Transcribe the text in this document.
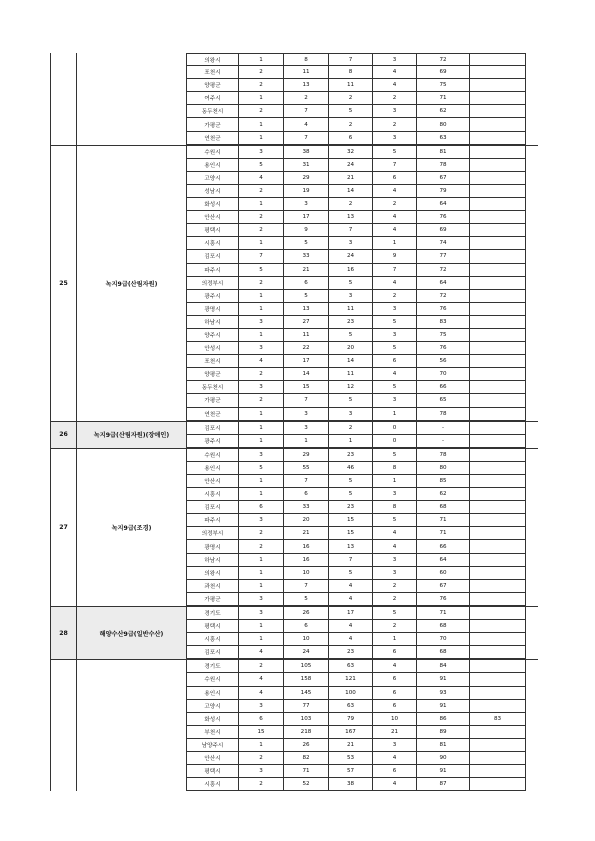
의왕시	1	8	7	3	72
포천시	2	11	8	4	69
양평군	2	13	11	4	75
여주시	1	2	2	2	71
동두천시	2	7	5	3	62
가평군	1	4	2	2	80
연천군	1	7	6	3	63
25	녹지9급(산림자원)
수원시	3	38	32	5	81
용인시	5	31	24	7	78
고양시	4	29	21	6	67
성남시	2	19	14	4	79
화성시	1	3	2	2	64
안산시	2	17	13	4	76
평택시	2	9	7	4	69
시흥시	1	5	3	1	74
김포시	7	33	24	9	77
파주시	5	21	16	7	72
의정부시	2	6	5	4	64
광주시	1	5	3	2	72
광명시	1	13	11	3	76
하남시	3	27	23	5	83
양주시	1	11	5	3	75
안성시	3	22	20	5	76
포천시	4	17	14	6	56
양평군	2	14	11	4	70
동두천시	3	15	12	5	66
가평군	2	7	5	3	65
연천군	1	3	3	1	78
26	녹지9급(산림자원)(장애인)
김포시	1	3	2	0	-
광주시	1	1	1	0	-
27	녹지9급(조경)
수원시	3	29	23	5	78
용인시	5	55	46	8	80
안산시	1	7	5	1	85
시흥시	1	6	5	3	62
김포시	6	33	23	8	68
파주시	3	20	15	5	71
의정부시	2	21	15	4	71
광명시	2	16	13	4	66
하남시	1	16	7	3	64
의왕시	1	10	5	3	60
과천시	1	7	4	2	67
가평군	3	5	4	2	76
28	해양수산9급(일반수산)
경기도	3	26	17	5	71
평택시	1	6	4	2	68
시흥시	1	10	4	1	70
김포시	4	24	23	6	68
경기도	2	105	63	4	84
수원시	4	158	121	6	91
용인시	4	145	100	6	93
고양시	3	77	63	6	91
화성시	6	103	79	10	86	83
부천시	15	218	167	21	89
남양주시	1	26	21	3	81
안산시	2	82	53	4	90
평택시	3	71	57	6	91
시흥시	2	52	38	4	87
